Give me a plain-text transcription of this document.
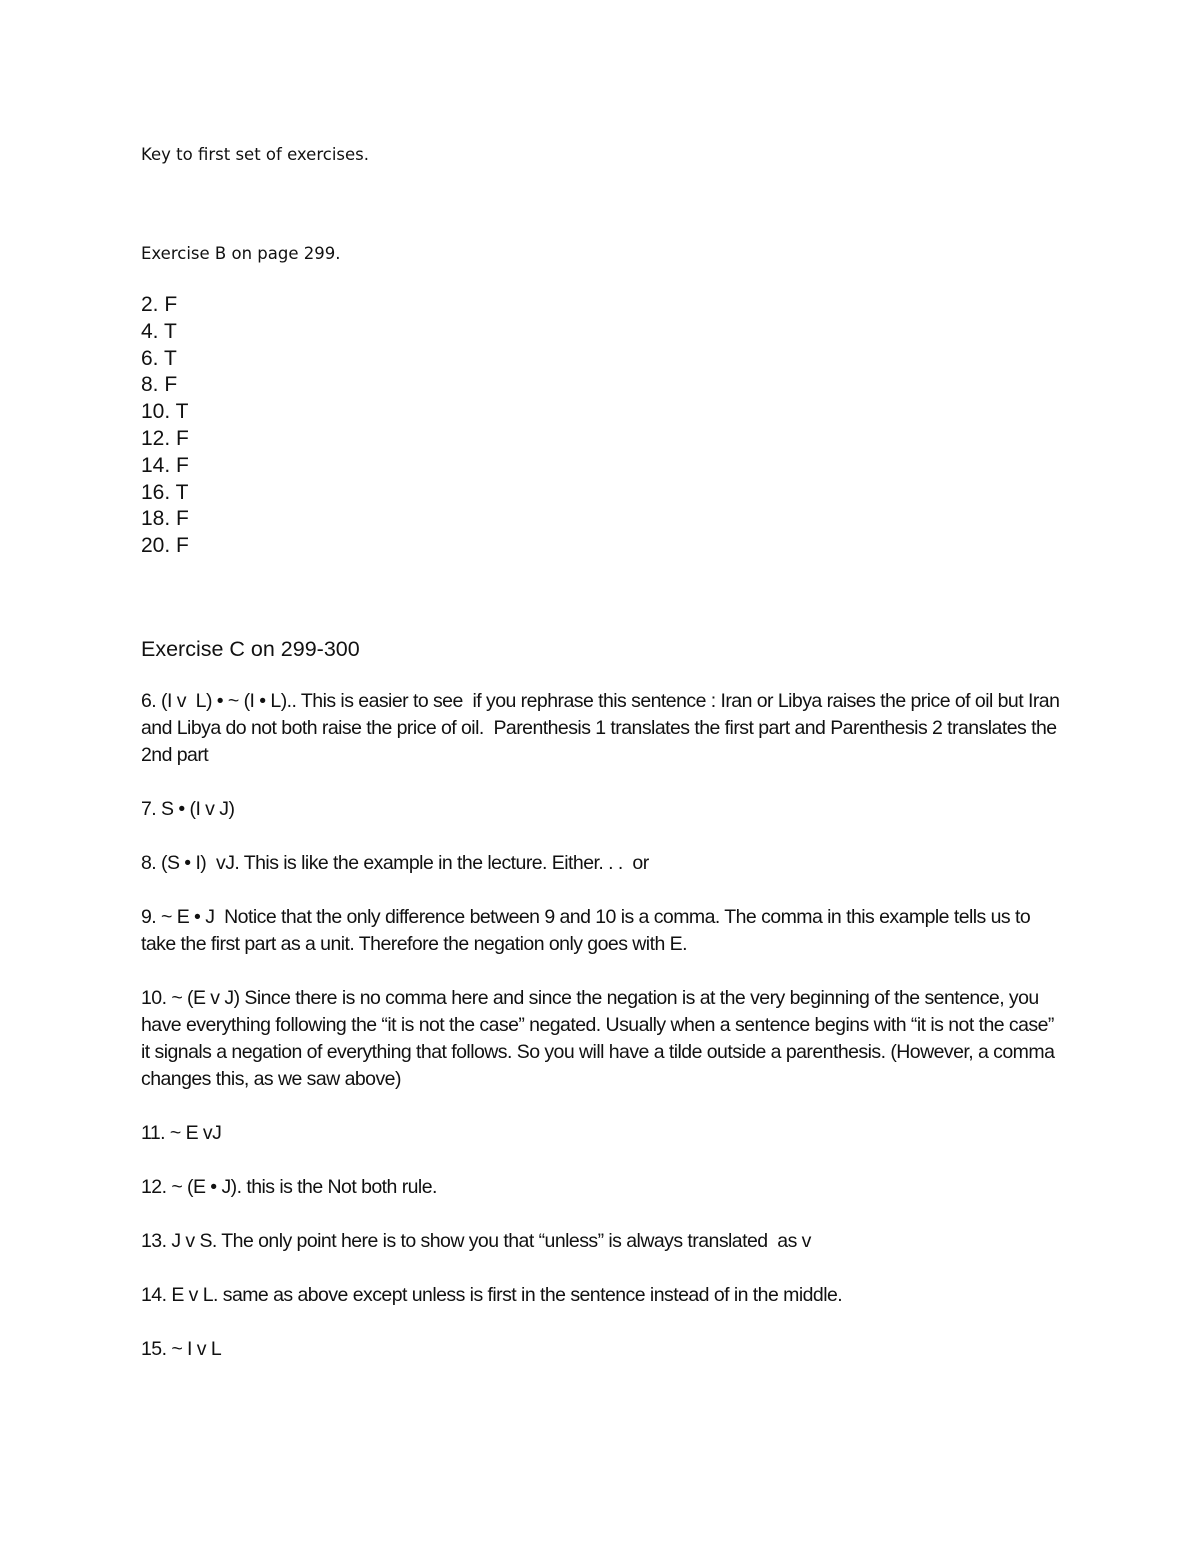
Key to first set of exercises.
Exercise B on page 299.
2. F
4. T
6. T
8. F
10. T
12. F
14. F
16. T
18. F
20. F
Exercise C on 299-300
6. (I v  L) • ~ (I • L).. This is easier to see  if you rephrase this sentence : Iran or Libya raises the price of oil but Iran and Libya do not both raise the price of oil.  Parenthesis 1 translates the first part and Parenthesis 2 translates the 2nd part
7. S • (I v J)
8. (S • I)  vJ. This is like the example in the lecture. Either. . .  or
9. ~ E • J  Notice that the only difference between 9 and 10 is a comma. The comma in this example tells us to take the first part as a unit. Therefore the negation only goes with E.
10. ~ (E v J) Since there is no comma here and since the negation is at the very beginning of the sentence, you have everything following the “it is not the case” negated. Usually when a sentence begins with “it is not the case” it signals a negation of everything that follows. So you will have a tilde outside a parenthesis. (However, a comma changes this, as we saw above)
11. ~ E vJ
12. ~ (E • J). this is the Not both rule.
13. J v S. The only point here is to show you that “unless” is always translated  as v
14. E v L. same as above except unless is first in the sentence instead of in the middle.
15. ~ I v L
